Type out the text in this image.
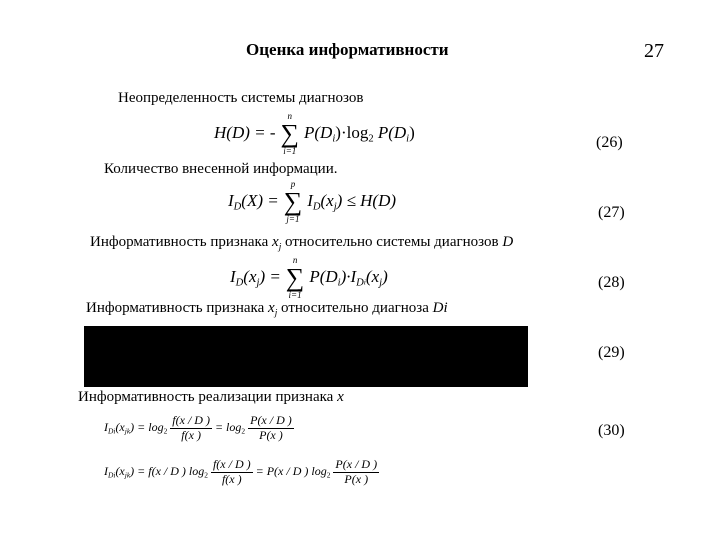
Оценка информативности	27
Неопределенность системы диагнозов
H(D) = -
n
∑
i=1
$P(D_i)\cdot\log_2$ $P(D_i)$
(26)
Количество внесенной информации.
$I_D(X)$ =
p
∑
j=1
$I_D(x_j) \le H(D)$
(27)
Информативность признака $x_j$ относительно системы диагнозов D
$I_D(x_j)$ =
n
∑
i=1
$P(D_i)\cdot I_{Di}(x_j)$	(28)
Информативность признака $x_j$ относительно диагноза Di
(29)
Информативность реализации признака x
$I_{Di}(x_{jk}) = \log_2 \frac{f(x / D )}{f(x )} = \log_2 \frac{P(x / D )}{P(x )}$	(30)
$I_{Di}(x_{jk}) = f(x / D$ ) $\log_2 \frac{f(x / D )}{f(x )} = P(x / D$ ) $\log_2 \frac{P(x / D )}{P(x )}$
